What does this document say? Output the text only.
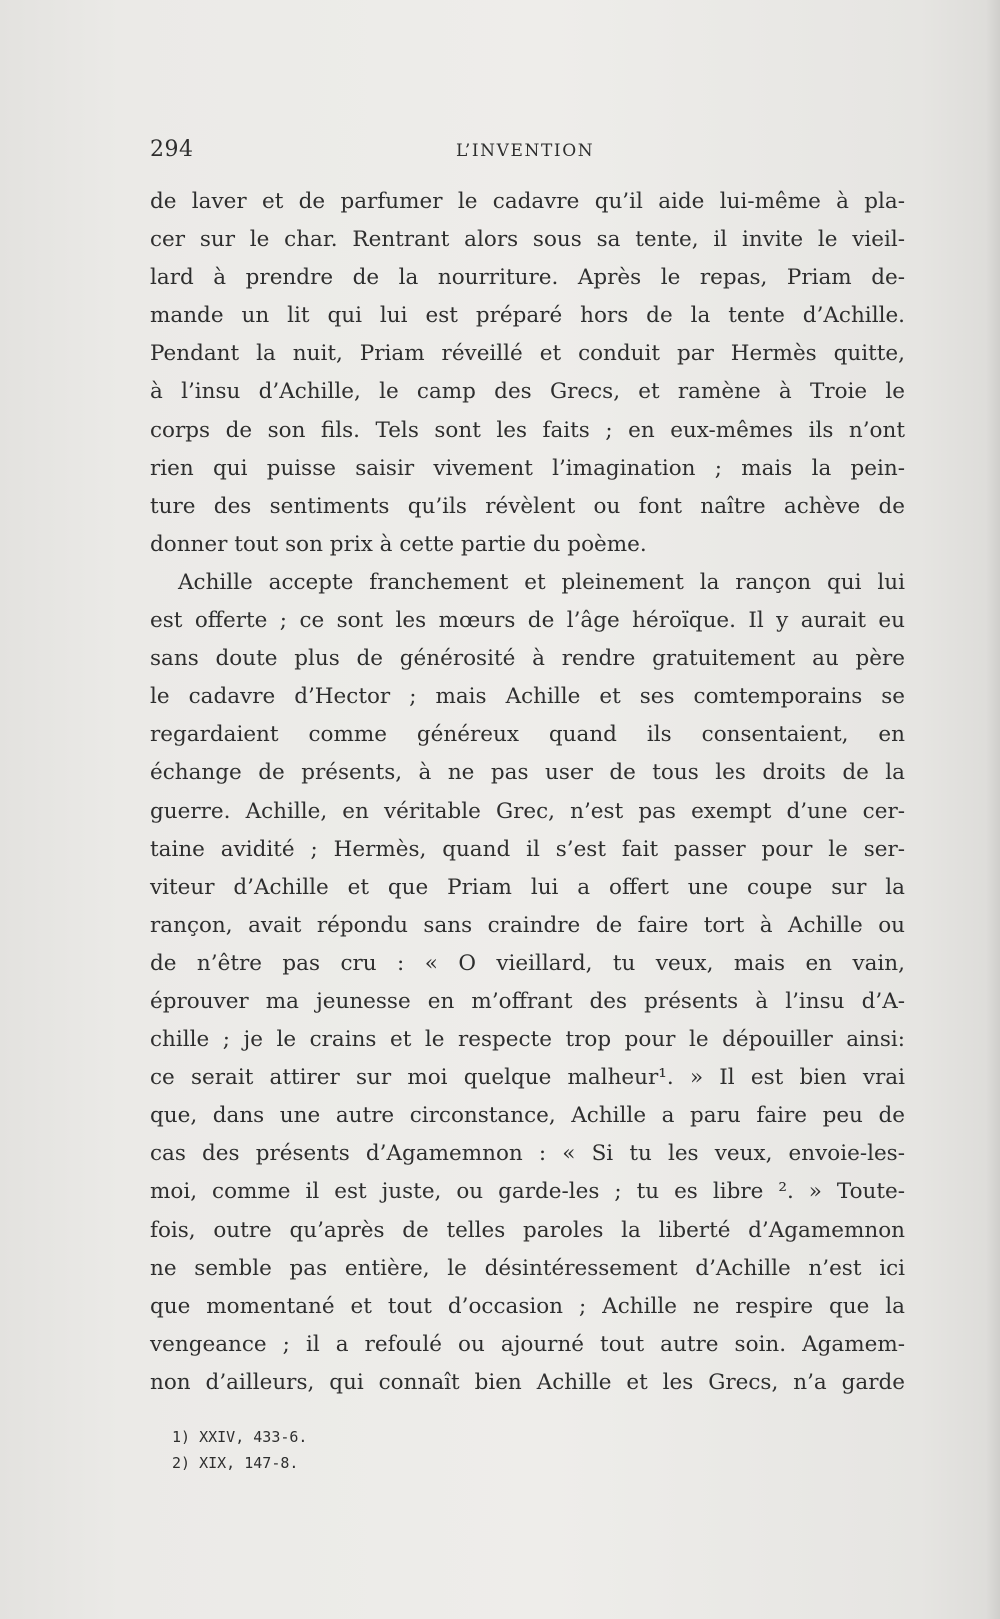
294	L’INVENTION
de laver et de parfumer le cadavre qu’il aide lui-même à pla-
cer sur le char. Rentrant alors sous sa tente, il invite le vieil-
lard à prendre de la nourriture. Après le repas, Priam de-
mande un lit qui lui est préparé hors de la tente d’Achille.
Pendant la nuit, Priam réveillé et conduit par Hermès quitte,
à l’insu d’Achille, le camp des Grecs, et ramène à Troie le
corps de son fils. Tels sont les faits ; en eux-mêmes ils n’ont
rien qui puisse saisir vivement l’imagination ; mais la pein-
ture des sentiments qu’ils révèlent ou font naître achève de
donner tout son prix à cette partie du poème.
Achille accepte franchement et pleinement la rançon qui lui
est offerte ; ce sont les mœurs de l’âge héroïque. Il y aurait eu
sans doute plus de générosité à rendre gratuitement au père
le cadavre d’Hector ; mais Achille et ses comtemporains se
regardaient comme généreux quand ils consentaient, en
échange de présents, à ne pas user de tous les droits de la
guerre. Achille, en véritable Grec, n’est pas exempt d’une cer-
taine avidité ; Hermès, quand il s’est fait passer pour le ser-
viteur d’Achille et que Priam lui a offert une coupe sur la
rançon, avait répondu sans craindre de faire tort à Achille ou
de n’être pas cru : « O vieillard, tu veux, mais en vain,
éprouver ma jeunesse en m’offrant des présents à l’insu d’A-
chille ; je le crains et le respecte trop pour le dépouiller ainsi:
ce serait attirer sur moi quelque malheur¹. » Il est bien vrai
que, dans une autre circonstance, Achille a paru faire peu de
cas des présents d’Agamemnon : « Si tu les veux, envoie-les-
moi, comme il est juste, ou garde-les ; tu es libre ². » Toute-
fois, outre qu’après de telles paroles la liberté d’Agamemnon
ne semble pas entière, le désintéressement d’Achille n’est ici
que momentané et tout d’occasion ; Achille ne respire que la
vengeance ; il a refoulé ou ajourné tout autre soin. Agamem-
non d’ailleurs, qui connaît bien Achille et les Grecs, n’a garde
1) XXIV, 433-6.
2) XIX, 147-8.
